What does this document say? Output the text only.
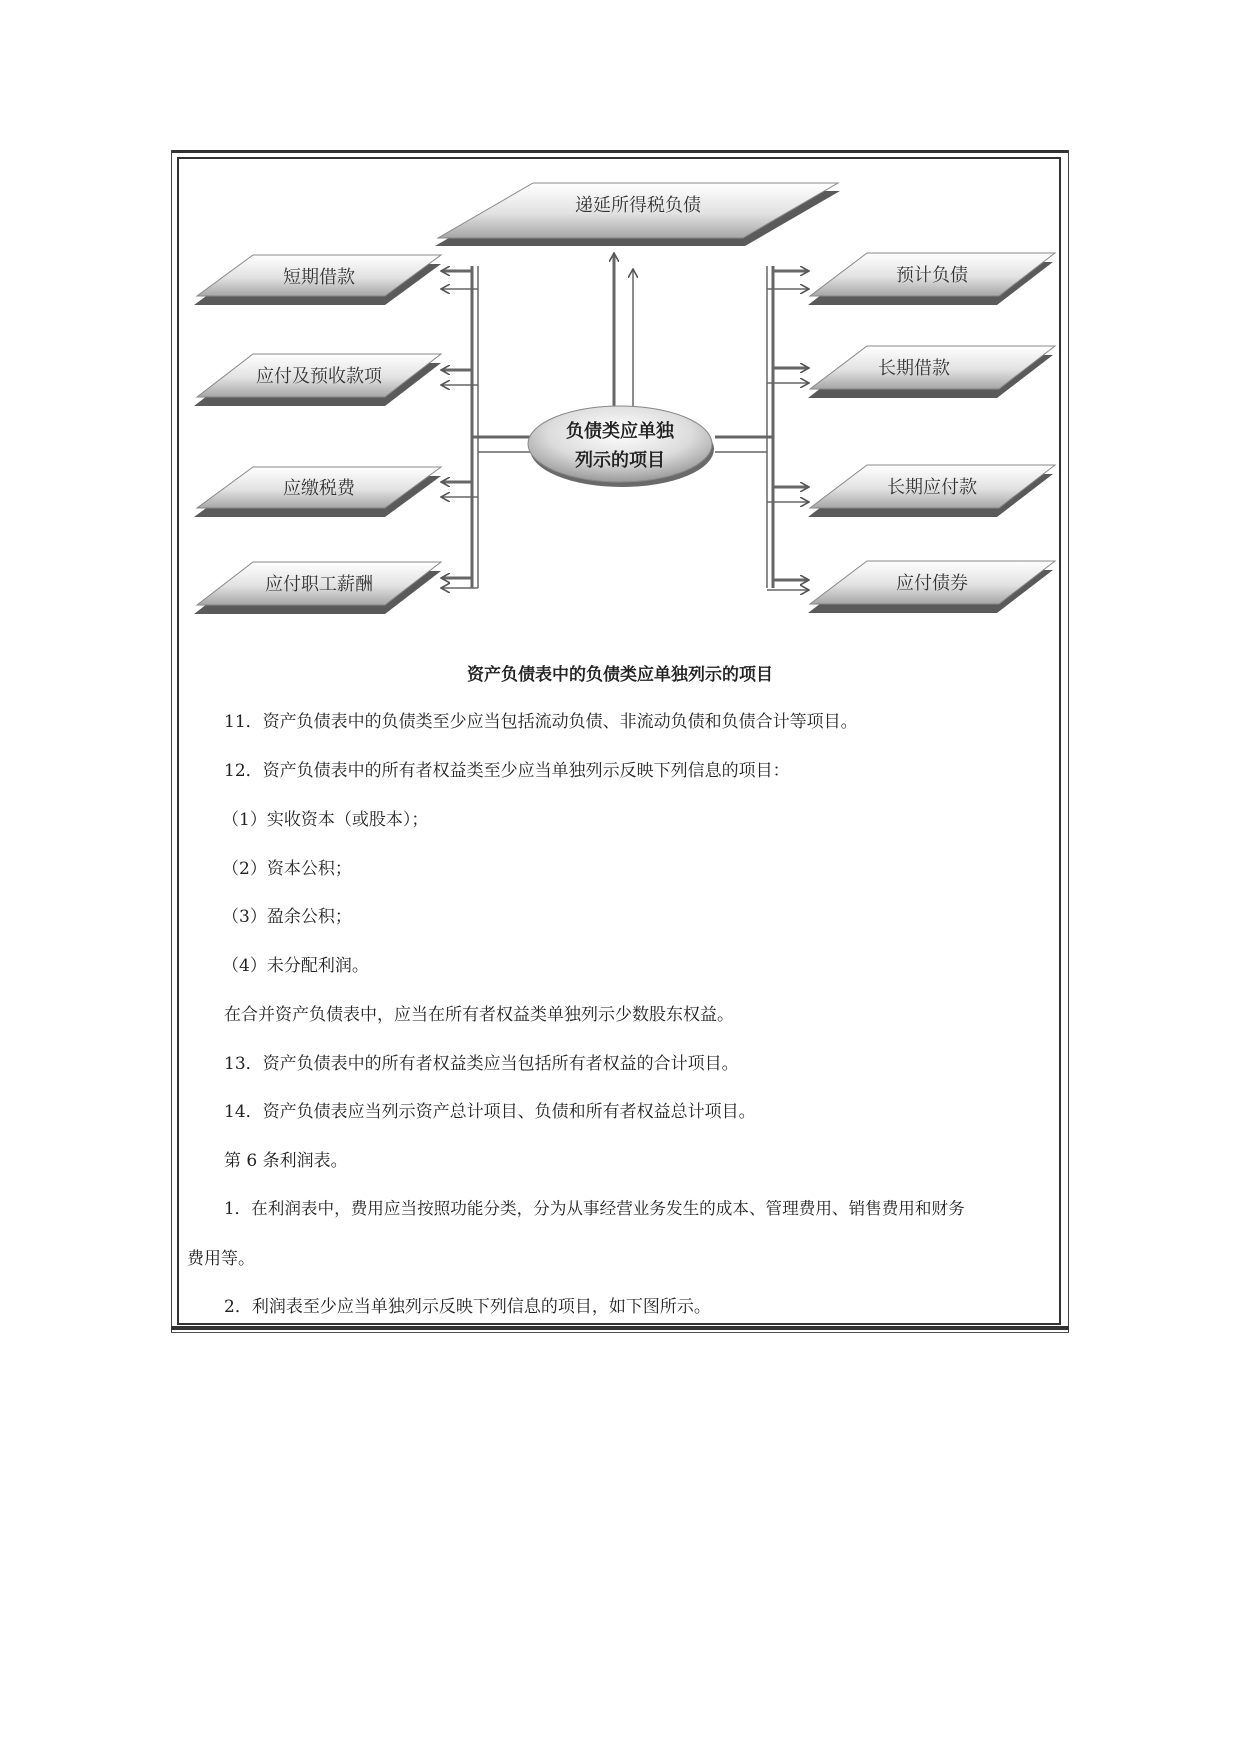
递延所得税负债
短期借款
应付及预收款项
应缴税费
应付职工薪酬
预计负债
长期借款
长期应付款
应付债券
负债类应单独
列示的项目
资产负债表中的负债类应单独列示的项目
11．资产负债表中的负债类至少应当包括流动负债、非流动负债和负债合计等项目。
12．资产负债表中的所有者权益类至少应当单独列示反映下列信息的项目：
（1）实收资本（或股本）；
（2）资本公积；
（3）盈余公积；
（4）未分配利润。
在合并资产负债表中，应当在所有者权益类单独列示少数股东权益。
13．资产负债表中的所有者权益类应当包括所有者权益的合计项目。
14．资产负债表应当列示资产总计项目、负债和所有者权益总计项目。
第 6 条利润表。
1．在利润表中，费用应当按照功能分类，分为从事经营业务发生的成本、管理费用、销售费用和财务
费用等。
2．利润表至少应当单独列示反映下列信息的项目，如下图所示。
